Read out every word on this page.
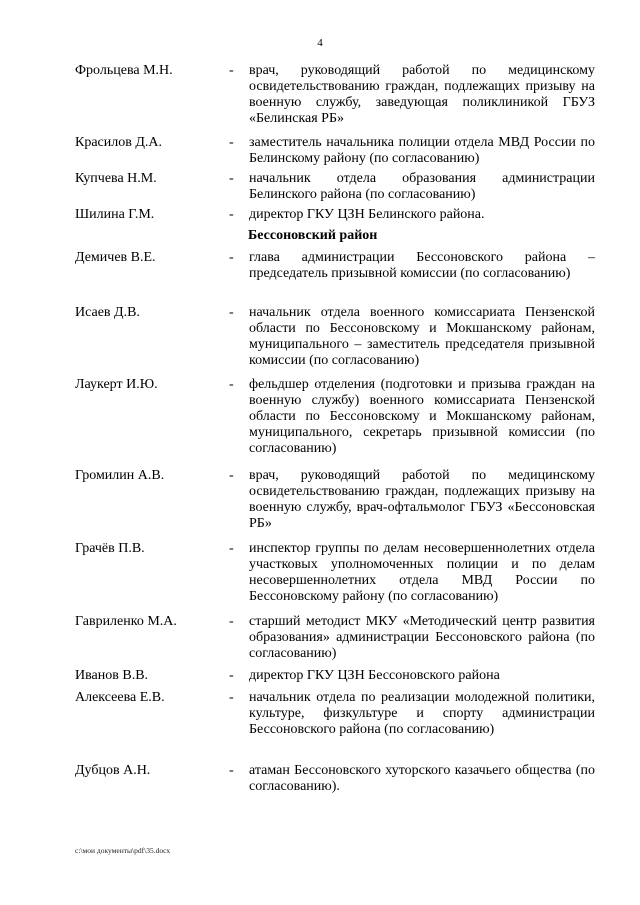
4
Фрольцева М.Н.	- врач, руководящий работой по медицинскому освидетельствованию граждан, подлежащих призыву на военную службу, заведующая поликлиникой ГБУЗ «Белинская РБ»
Красилов Д.А.	- заместитель начальника полиции отдела МВД России по Белинскому району (по согласованию)
Купчева Н.М.	- начальник отдела образования администрации Белинского района (по согласованию)
Шилина Г.М.	- директор ГКУ ЦЗН Белинского района.
Бессоновский район
Демичев В.Е.	- глава администрации Бессоновского района – председатель призывной комиссии (по согласованию)
Исаев Д.В.	- начальник отдела военного комиссариата Пензенской области по Бессоновскому и Мокшанскому районам, муниципального – заместитель председателя призывной комиссии (по согласованию)
Лаукерт И.Ю.	- фельдшер отделения (подготовки и призыва граждан на военную службу) военного комиссариата Пензенской области по Бессоновскому и Мокшанскому районам, муниципального, секретарь призывной комиссии (по согласованию)
Громилин А.В.	- врач, руководящий работой по медицинскому освидетельствованию граждан, подлежащих призыву на военную службу, врач-офтальмолог ГБУЗ «Бессоновская РБ»
Грачёв П.В.	- инспектор группы по делам несовершеннолетних отдела участковых уполномоченных полиции и по делам несовершеннолетних отдела МВД России по Бессоновскому району (по согласованию)
Гавриленко М.А.	- старший методист МКУ «Методический центр развития образования» администрации Бессоновского района (по согласованию)
Иванов В.В.	- директор ГКУ ЦЗН Бессоновского района
Алексеева Е.В.	- начальник отдела по реализации молодежной политики, культуре, физкультуре и спорту администрации Бессоновского района (по согласованию)
Дубцов А.Н.	- атаман Бессоновского хуторского казачьего общества (по согласованию).
c:\мои документы\pdf\35.docx
